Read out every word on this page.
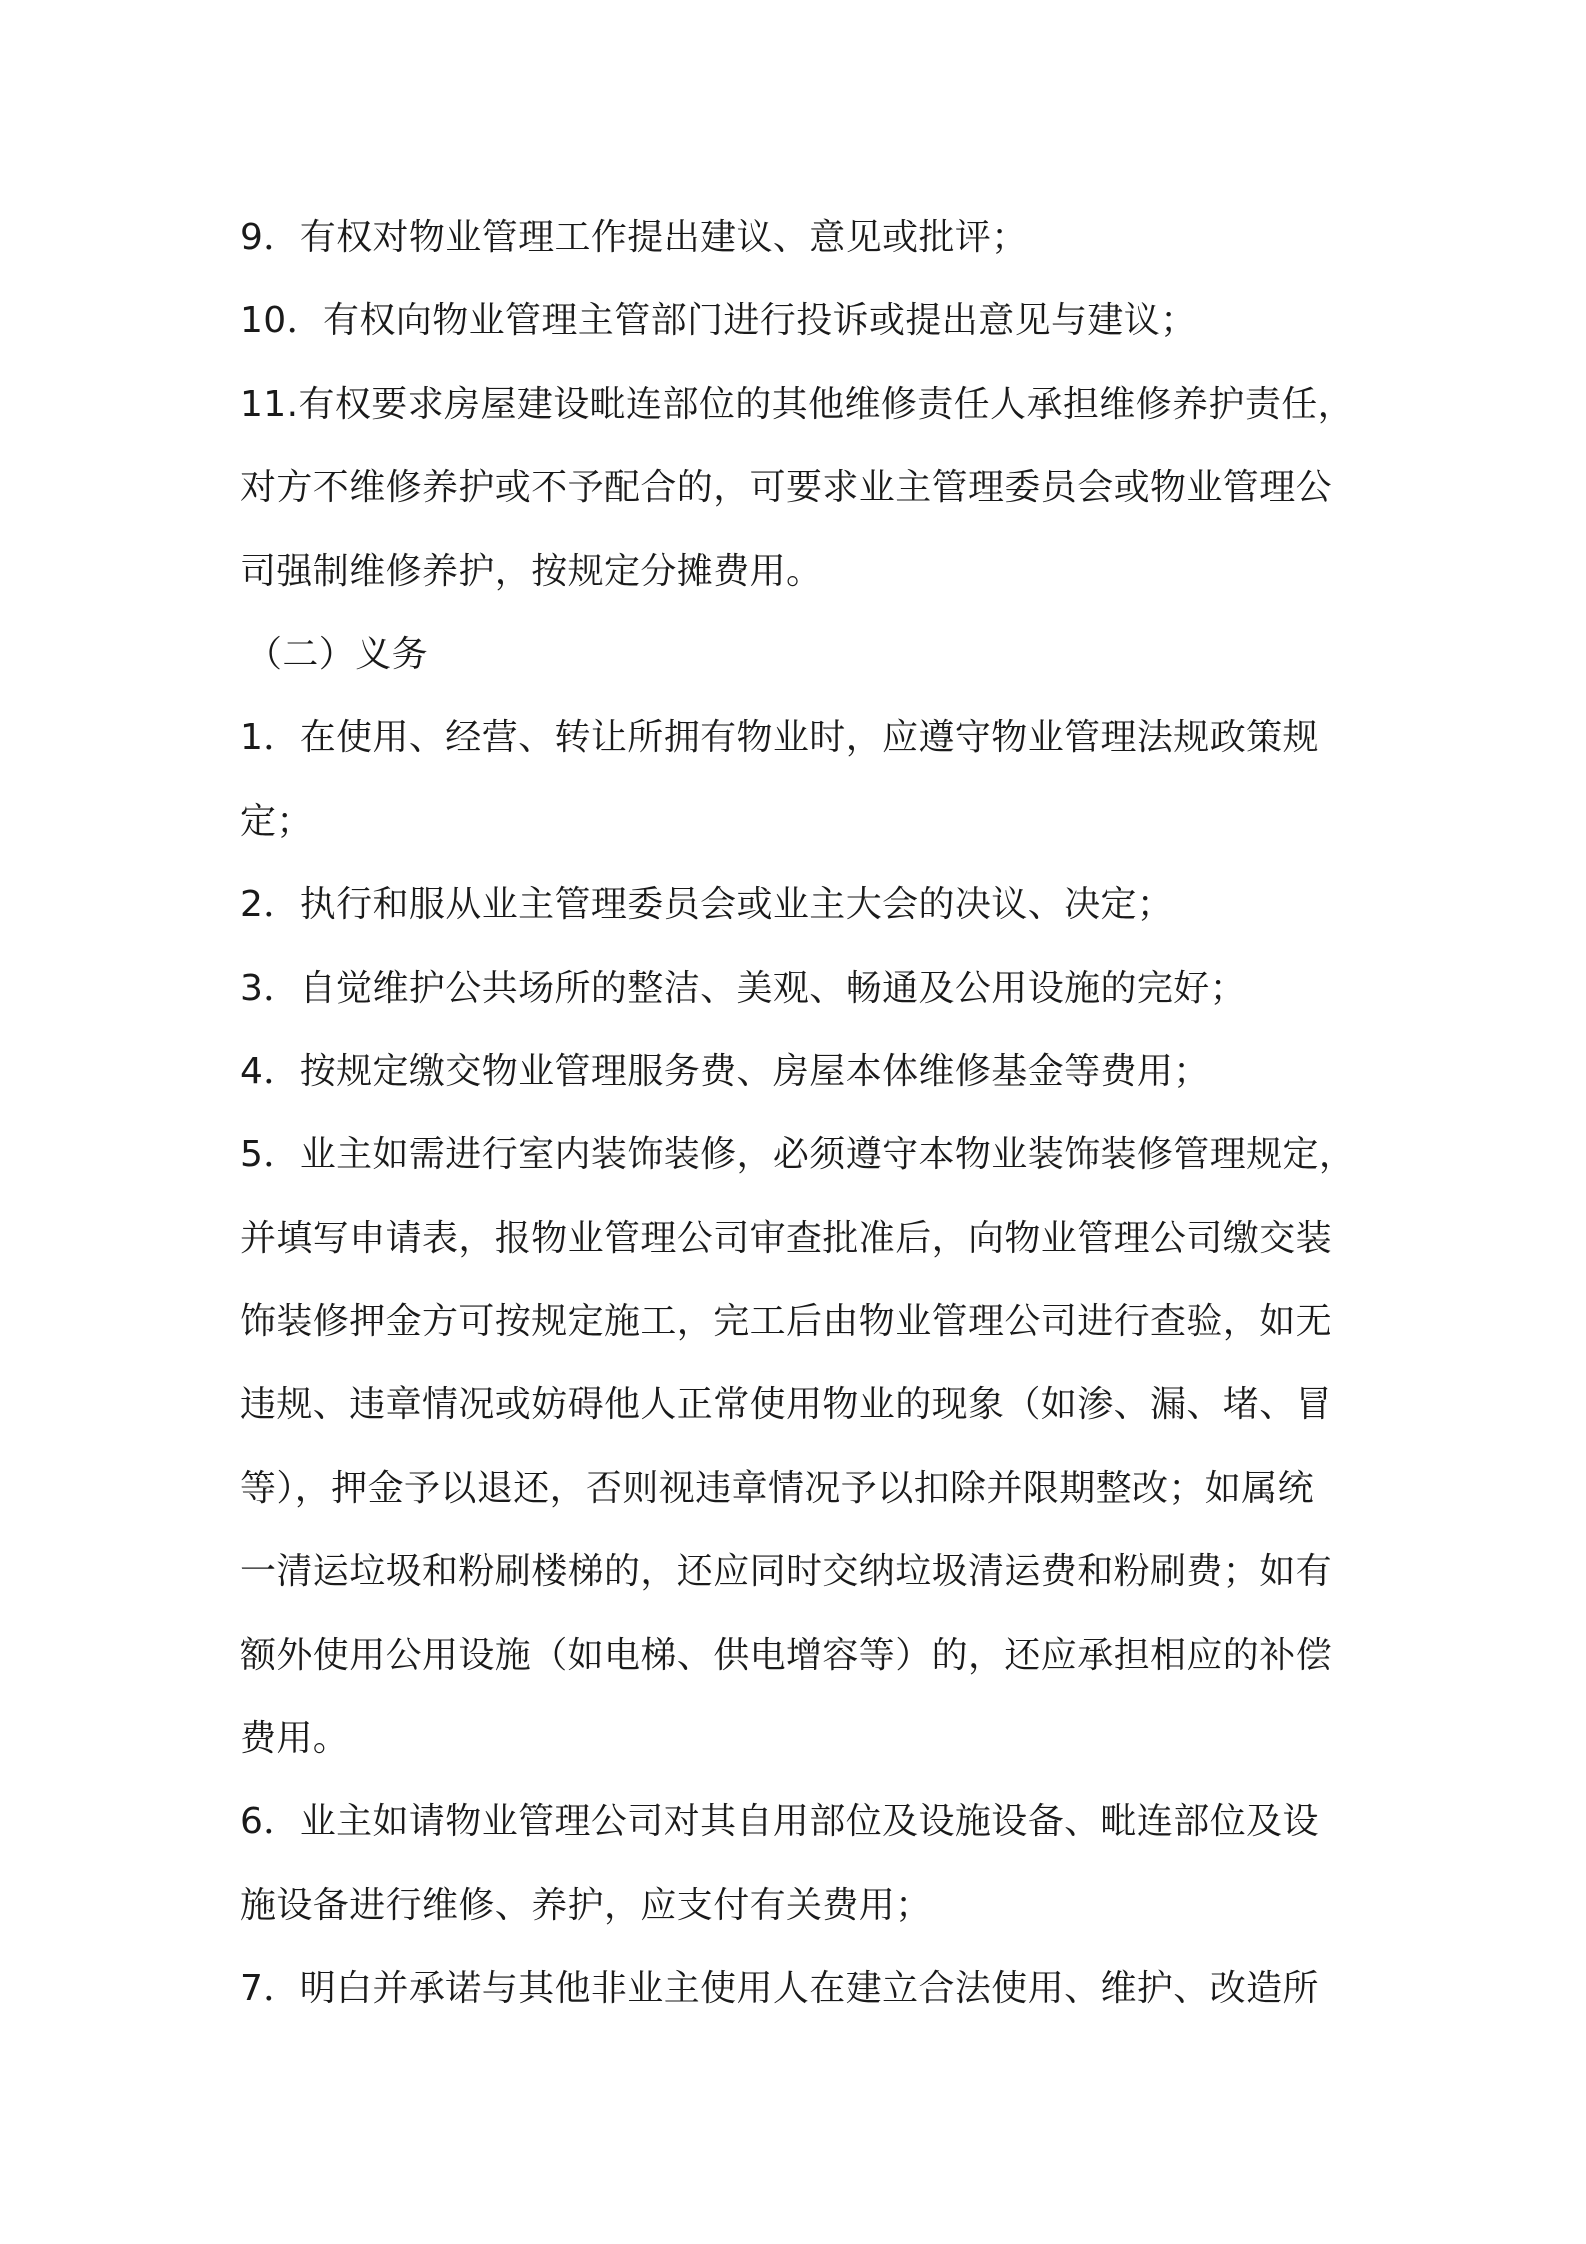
9．有权对物业管理工作提出建议、意见或批评；
10．有权向物业管理主管部门进行投诉或提出意见与建议；
11.有权要求房屋建设毗连部位的其他维修责任人承担维修养护责任，
对方不维修养护或不予配合的，可要求业主管理委员会或物业管理公
司强制维修养护，按规定分摊费用。
（二）义务
1．在使用、经营、转让所拥有物业时，应遵守物业管理法规政策规
定；
2．执行和服从业主管理委员会或业主大会的决议、决定；
3．自觉维护公共场所的整洁、美观、畅通及公用设施的完好；
4．按规定缴交物业管理服务费、房屋本体维修基金等费用；
5．业主如需进行室内装饰装修，必须遵守本物业装饰装修管理规定，
并填写申请表，报物业管理公司审查批准后，向物业管理公司缴交装
饰装修押金方可按规定施工，完工后由物业管理公司进行查验，如无
违规、违章情况或妨碍他人正常使用物业的现象（如渗、漏、堵、冒
等），押金予以退还，否则视违章情况予以扣除并限期整改；如属统
一清运垃圾和粉刷楼梯的，还应同时交纳垃圾清运费和粉刷费；如有
额外使用公用设施（如电梯、供电增容等）的，还应承担相应的补偿
费用。
6．业主如请物业管理公司对其自用部位及设施设备、毗连部位及设
施设备进行维修、养护，应支付有关费用；
7．明白并承诺与其他非业主使用人在建立合法使用、维护、改造所
